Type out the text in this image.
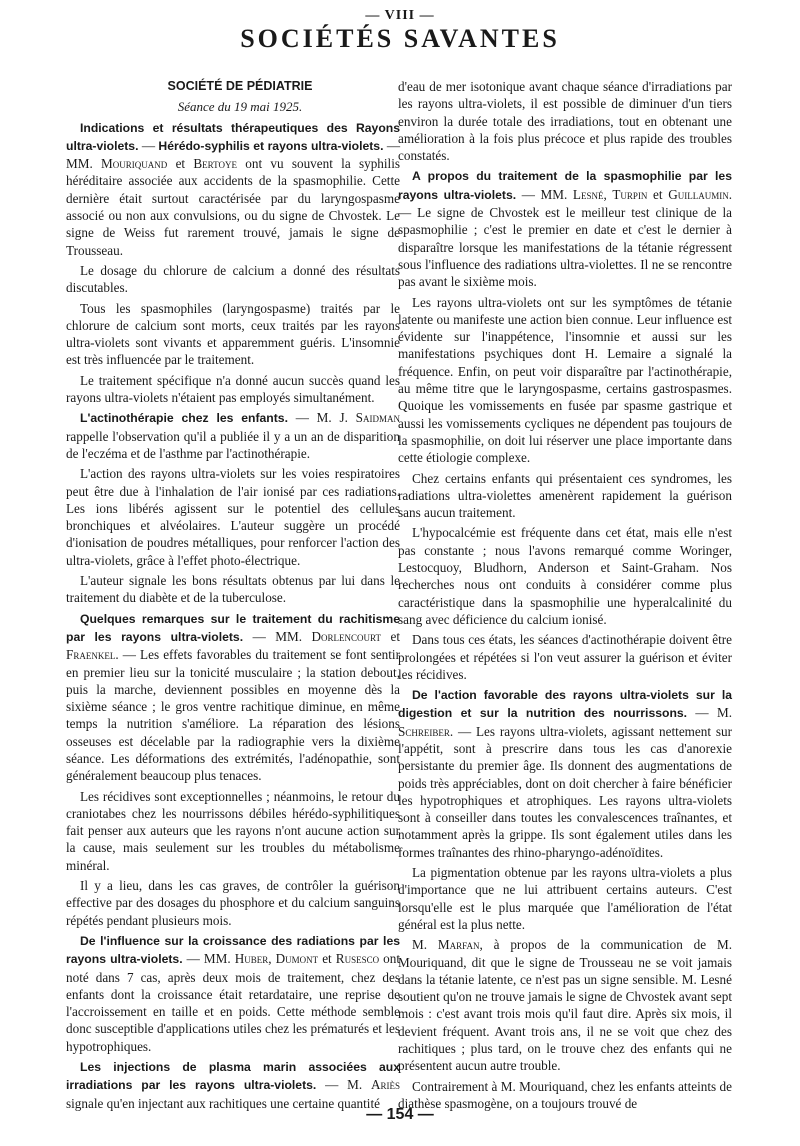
— VIII —
SOCIÉTÉS SAVANTES

SOCIÉTÉ DE PÉDIATRIE

Séance du 19 mai 1925.

Indications et résultats thérapeutiques des Rayons ultra-violets. — Hérédo-syphilis et rayons ultra-violets. — MM. Mouriquand et Bertoye ont vu souvent la syphilis héréditaire associée aux accidents de la spasmophilie. Cette dernière était surtout caractérisée par du laryngospasme associé ou non aux convulsions, ou du signe de Chvostek. Le signe de Weiss fut rarement trouvé, jamais le signe de Trousseau.

Le dosage du chlorure de calcium a donné des résultats discutables.

Tous les spasmophiles (laryngospasme) traités par le chlorure de calcium sont morts, ceux traités par les rayons ultra-violets sont vivants et apparemment guéris. L'insomnie est très influencée par le traitement.

Le traitement spécifique n'a donné aucun succès quand les rayons ultra-violets n'étaient pas employés simultanément.

L'actinothérapie chez les enfants. — M. J. Saidman rappelle l'observation qu'il a publiée il y a un an de disparition de l'eczéma et de l'asthme par l'actinothérapie.

L'action des rayons ultra-violets sur les voies respiratoires peut être due à l'inhalation de l'air ionisé par ces radiations. Les ions libérés agissent sur le potentiel des cellules bronchiques et alvéolaires. L'auteur suggère un procédé d'ionisation de poudres métalliques, pour renforcer l'action des ultra-violets, grâce à l'effet photo-électrique.

L'auteur signale les bons résultats obtenus par lui dans le traitement du diabète et de la tuberculose.

Quelques remarques sur le traitement du rachitisme par les rayons ultra-violets. — MM. Dorlencourt et Fraenkel. — Les effets favorables du traitement se font sentir en premier lieu sur la tonicité musculaire ; la station debout, puis la marche, deviennent possibles en moyenne dès la sixième séance ; le gros ventre rachitique diminue, en même temps la nutrition s'améliore. La réparation des lésions osseuses est décelable par la radiographie vers la dixième séance. Les déformations des extrémités, l'adénopathie, sont généralement beaucoup plus tenaces.

Les récidives sont exceptionnelles ; néanmoins, le retour du craniotabes chez les nourrissons débiles hérédo-syphilitiques fait penser aux auteurs que les rayons n'ont aucune action sur la cause, mais seulement sur les troubles du métabolisme minéral.

Il y a lieu, dans les cas graves, de contrôler la guérison effective par des dosages du phosphore et du calcium sanguins répétés pendant plusieurs mois.

De l'influence sur la croissance des radiations par les rayons ultra-violets. — MM. Huber, Dumont et Rusesco ont noté dans 7 cas, après deux mois de traitement, chez des enfants dont la croissance était retardataire, une reprise de l'accroissement en taille et en poids. Cette méthode semble donc susceptible d'applications utiles chez les prématurés et les hypotrophiques.

Les injections de plasma marin associées aux irradiations par les rayons ultra-violets. — M. Ariès signale qu'en injectant aux rachitiques une certaine quantité

d'eau de mer isotonique avant chaque séance d'irradiations par les rayons ultra-violets, il est possible de diminuer d'un tiers environ la durée totale des irradiations, tout en obtenant une amélioration à la fois plus précoce et plus rapide des troubles constatés.

A propos du traitement de la spasmophilie par les rayons ultra-violets. — MM. Lesné, Turpin et Guillaumin. — Le signe de Chvostek est le meilleur test clinique de la spasmophilie ; c'est le premier en date et c'est le dernier à disparaître lorsque les manifestations de la tétanie régressent sous l'influence des radiations ultra-violettes. Il ne se rencontre pas avant le sixième mois.

Les rayons ultra-violets ont sur les symptômes de tétanie latente ou manifeste une action bien connue. Leur influence est évidente sur l'inappétence, l'insomnie et aussi sur les manifestations psychiques dont H. Lemaire a signalé la fréquence. Enfin, on peut voir disparaître par l'actinothérapie, au même titre que le laryngospasme, certains gastrospasmes. Quoique les vomissements en fusée par spasme gastrique et aussi les vomissements cycliques ne dépendent pas toujours de la spasmophilie, on doit lui réserver une place importante dans cette étiologie complexe.

Chez certains enfants qui présentaient ces syndromes, les radiations ultra-violettes amenèrent rapidement la guérison sans aucun traitement.

L'hypocalcémie est fréquente dans cet état, mais elle n'est pas constante ; nous l'avons remarqué comme Woringer, Lestocquoy, Bludhorn, Anderson et Saint-Graham. Nos recherches nous ont conduits à considérer comme plus caractéristique dans la spasmophilie une hyperalcalinité du sang avec déficience du calcium ionisé.

Dans tous ces états, les séances d'actinothérapie doivent être prolongées et répétées si l'on veut assurer la guérison et éviter les récidives.

De l'action favorable des rayons ultra-violets sur la digestion et sur la nutrition des nourrissons. — M. Schreiber. — Les rayons ultra-violets, agissant nettement sur l'appétit, sont à prescrire dans tous les cas d'anorexie persistante du premier âge. Ils donnent des augmentations de poids très appréciables, dont on doit chercher à faire bénéficier les hypotrophiques et atrophiques. Les rayons ultra-violets sont à conseiller dans toutes les convalescences traînantes, et notamment après la grippe. Ils sont également utiles dans les formes traînantes des rhino-pharyngo-adénoïdites.

La pigmentation obtenue par les rayons ultra-violets a plus d'importance que ne lui attribuent certains auteurs. C'est lorsqu'elle est le plus marquée que l'amélioration de l'état général est la plus nette.

M. Marfan, à propos de la communication de M. Mouriquand, dit que le signe de Trousseau ne se voit jamais dans la tétanie latente, ce n'est pas un signe sensible. M. Lesné soutient qu'on ne trouve jamais le signe de Chvostek avant sept mois : c'est avant trois mois qu'il faut dire. Après six mois, il devient fréquent. Avant trois ans, il ne se voit que chez des rachitiques ; plus tard, on le trouve chez des enfants qui ne présentent aucun autre trouble.

Contrairement à M. Mouriquand, chez les enfants atteints de diathèse spasmogène, on a toujours trouvé de

— 154 —
